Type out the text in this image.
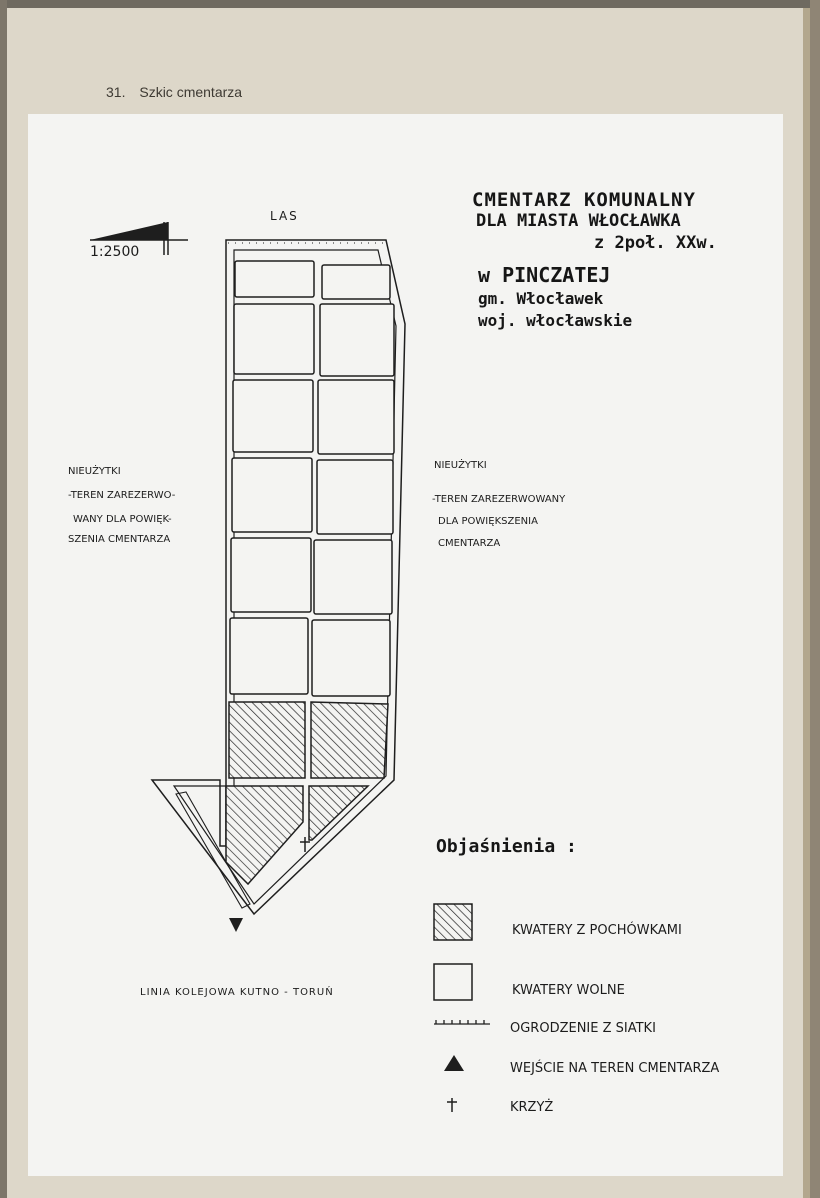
31. Szkic cmentarza
1:2500
LAS
NIEUŻYTKI
-TEREN ZAREZERWO-
WANY DLA POWIĘK-
SZENIA CMENTARZA
NIEUŻYTKI
-TEREN ZAREZERWOWANY
DLA POWIĘKSZENIA
CMENTARZA
LINIA KOLEJOWA KUTNO - TORUŃ
CMENTARZ KOMUNALNY
DLA MIASTA WŁOCŁAWKA
z 2poł. XXw.
w PINCZATEJ
gm. Włocławek
woj. włocławskie
Objaśnienia :
KWATERY Z POCHÓWKAMI
KWATERY WOLNE
OGRODZENIE Z SIATKI
WEJŚCIE NA TEREN CMENTARZA
KRZYŻ
